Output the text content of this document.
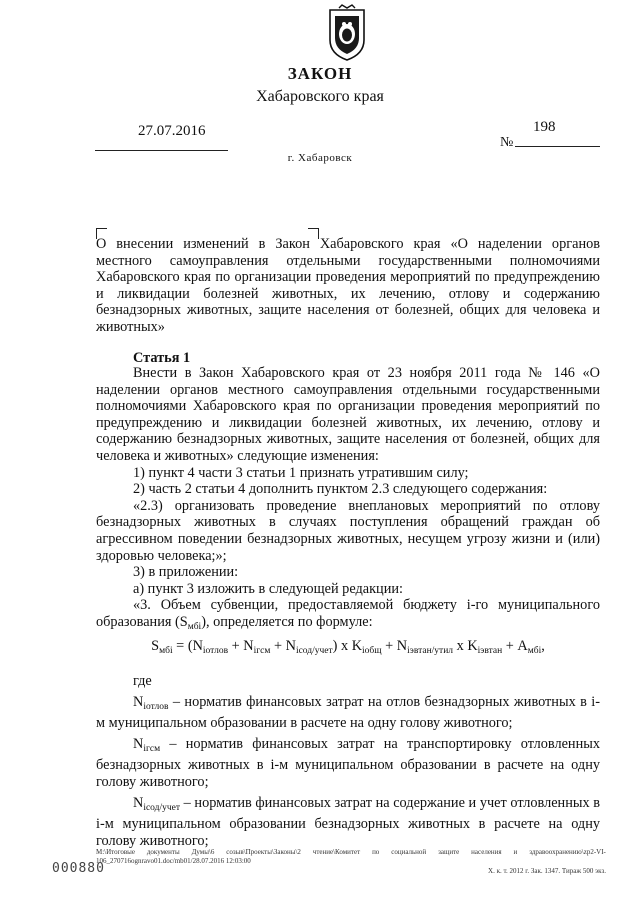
ЗАКОН
Хабаровского края
27.07.2016
№
198
г. Хабаровск
О внесении изменений в Закон Хабаровского края «О наделении органов местного самоуправления отдельными государственными полномочиями Хабаровского края по организации проведения мероприятий по предупреждению и ликвидации болезней животных, их лечению, отлову и содержанию безнадзорных животных, защите населения от болезней, общих для человека и животных»
Статья 1

Внести в Закон Хабаровского края от 23 ноября 2011 года № 146 «О наделении органов местного самоуправления отдельными государственными полномочиями Хабаровского края по организации проведения мероприятий по предупреждению и ликвидации болезней животных, их лечению, отлову и содержанию безнадзорных животных, защите населения от болезней, общих для человека и животных» следующие изменения:

1) пункт 4 части 3 статьи 1 признать утратившим силу;

2) часть 2 статьи 4 дополнить пунктом 2.3 следующего содержания:

«2.3) организовать проведение внеплановых мероприятий по отлову безнадзорных животных в случаях поступления обращений граждан об агрессивном поведении безнадзорных животных, несущем угрозу жизни и (или) здоровью человека;»;

3) в приложении:

а) пункт 3 изложить в следующей редакции:

«3. Объем субвенции, предоставляемой бюджету i-го муниципального образования $(S_{мбi})$, определяется по формуле:

$S_{мбi} = (N_{iотлов} + N_{iгсм} + N_{iсод/учет})$ x $K_{iобщ} + N_{iэвтан/утил}$ x $K_{iэвтан} + A_{мбi}$,

где

$N_{iотлов}$ – норматив финансовых затрат на отлов безнадзорных животных в i-м муниципальном образовании в расчете на одну голову животного;

$N_{iгсм}$ – норматив финансовых затрат на транспортировку отловленных безнадзорных животных в i-м муниципальном образовании в расчете на одну голову животного;

$N_{iсод/учет}$ – норматив финансовых затрат на содержание и учет отловленных в i-м муниципальном образовании безнадзорных животных в расчете на одну голову животного;

М:\Итоговые документы Думы\6 созыв\Проекты\Законы\2 чтение\Комитет по социальной защите населения и здравоохранению\zp2-VI-
106_270716ognravo01.doc/mb01/28.07.2016 12:03:00
Х. к. т. 2012 г. Зак. 1347. Тираж 500 экз.
000880
